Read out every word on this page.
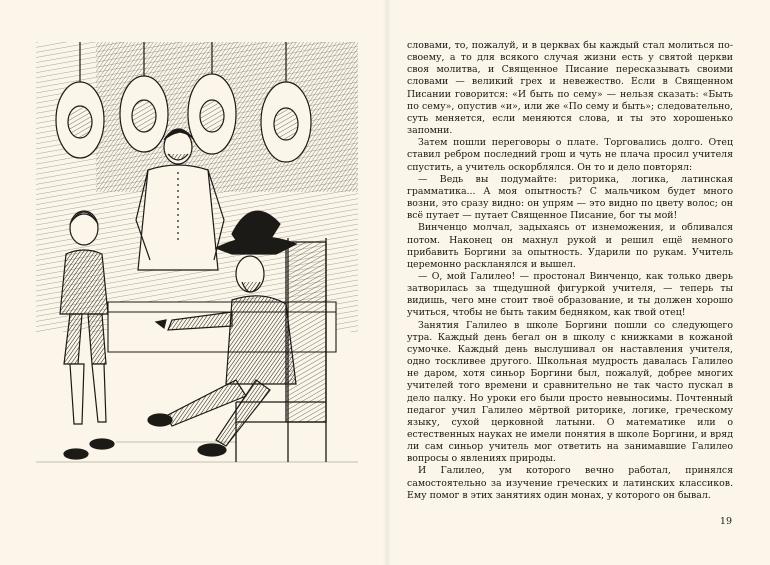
словами, то, пожалуй, и в церквах бы каждый стал молиться по-своему, а то для всякого случая жизни есть у святой церкви своя молитва, и Священное Писание пересказывать своими словами — великий грех и невежество. Если в Священном Писании говорится: «И быть по сему» — нельзя сказать: «Быть по сему», опустив «и», или же «По сему и быть»; следовательно, суть меняется, если меняются слова, и ты это хорошенько запомни.

Затем пошли переговоры о плате. Торговались долго. Отец ставил ребром последний грош и чуть не плача просил учителя спустить, а учитель оскорблялся. Он то и дело повторял:

— Ведь вы подумайте: риторика, логика, латинская грамматика... А моя опытность? С мальчиком будет много возни, это сразу видно: он упрям — это видно по цвету волос; он всё путает — путает Священное Писание, бог ты мой!

Винченцо молчал, задыхаясь от изнеможения, и обливался потом. Наконец он махнул рукой и решил ещё немного прибавить Боргини за опытность. Ударили по рукам. Учитель церемонно раскланялся и вышел.

— О, мой Галилео! — простонал Винченцо, как только дверь затворилась за тщедушной фигуркой учителя, — теперь ты видишь, чего мне стоит твоё образование, и ты должен хорошо учиться, чтобы не быть таким бедняком, как твой отец!

Занятия Галилео в школе Боргини пошли со следующего утра. Каждый день бегал он в школу с книжками в кожаной сумочке. Каждый день выслушивал он наставления учителя, одно тоскливее другого. Школьная мудрость давалась Галилео не даром, хотя синьор Боргини был, пожалуй, добрее многих учителей того времени и сравнительно не так часто пускал в дело палку. Но уроки его были просто невыносимы. Почтенный педагог учил Галилео мёртвой риторике, логике, греческому языку, сухой церковной латыни. О математике или о естественных науках не имели понятия в школе Боргини, и вряд ли сам синьор учитель мог ответить на занимавшие Галилео вопросы о явлениях природы.

И Галилео, ум которого вечно работал, принялся самостоятельно за изучение греческих и латинских классиков. Ему помог в этих занятиях один монах, у которого он бывал.

19
